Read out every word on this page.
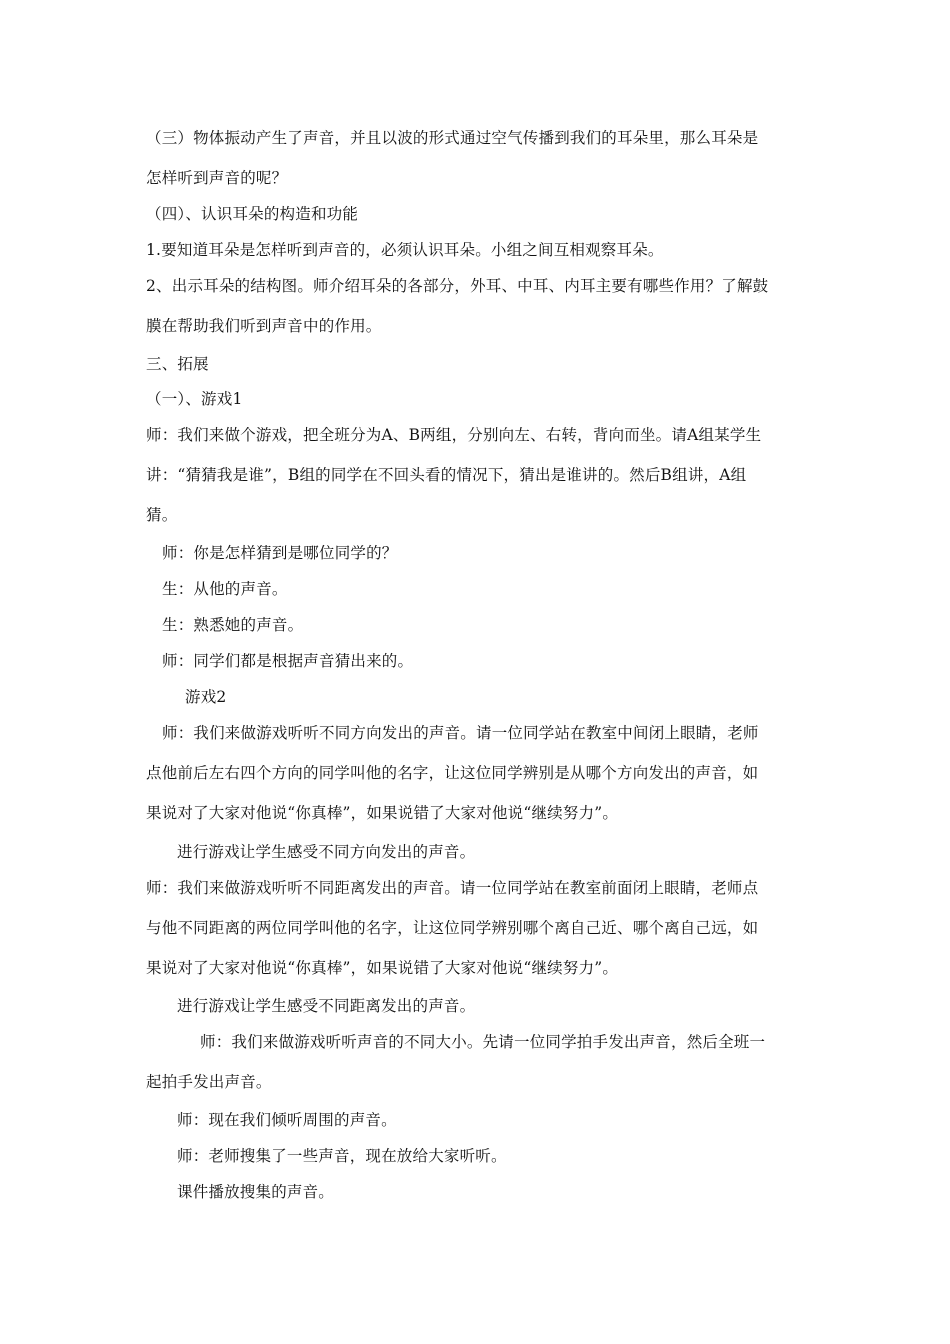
（三）物体振动产生了声音，并且以波的形式通过空气传播到我们的耳朵里，那么耳朵是
怎样听到声音的呢？
（四）、认识耳朵的构造和功能
1.要知道耳朵是怎样听到声音的，必须认识耳朵。小组之间互相观察耳朵。
2、出示耳朵的结构图。师介绍耳朵的各部分，外耳、中耳、内耳主要有哪些作用？了解鼓
膜在帮助我们听到声音中的作用。
三、拓展
（一）、游戏1
师：我们来做个游戏，把全班分为A、B两组，分别向左、右转，背向而坐。请A组某学生
讲：“猜猜我是谁”，B组的同学在不回头看的情况下，猜出是谁讲的。然后B组讲，A组
猜。
师：你是怎样猜到是哪位同学的？
生：从他的声音。
生：熟悉她的声音。
师：同学们都是根据声音猜出来的。
游戏2
师：我们来做游戏听听不同方向发出的声音。请一位同学站在教室中间闭上眼睛，老师
点他前后左右四个方向的同学叫他的名字，让这位同学辨别是从哪个方向发出的声音，如
果说对了大家对他说“你真棒”，如果说错了大家对他说“继续努力”。
进行游戏让学生感受不同方向发出的声音。
师：我们来做游戏听听不同距离发出的声音。请一位同学站在教室前面闭上眼睛，老师点
与他不同距离的两位同学叫他的名字，让这位同学辨别哪个离自己近、哪个离自己远，如
果说对了大家对他说“你真棒”，如果说错了大家对他说“继续努力”。
进行游戏让学生感受不同距离发出的声音。
师：我们来做游戏听听声音的不同大小。先请一位同学拍手发出声音，然后全班一
起拍手发出声音。
师：现在我们倾听周围的声音。
师：老师搜集了一些声音，现在放给大家听听。
课件播放搜集的声音。
